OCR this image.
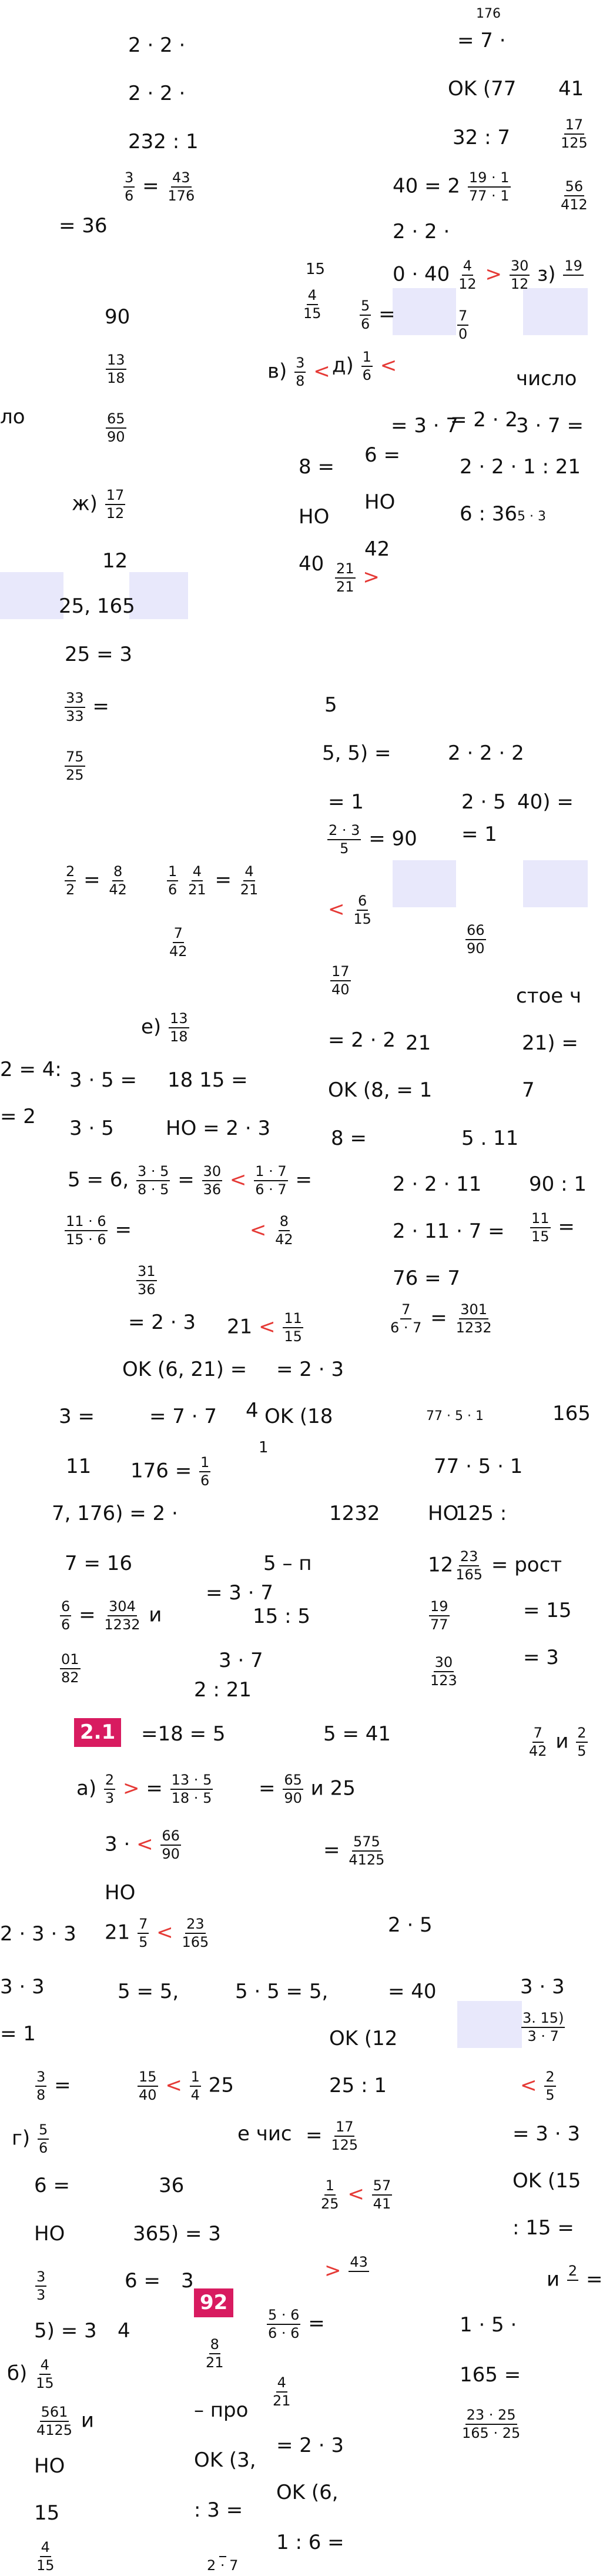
2.1
92
2 · 2 ·
2 · 2 ·
232 : 1
$\frac{3}{6} = \frac{43}{176}$
= 36
90
$\frac{13}{18}$
ло	$\frac{65}{90}$
$ж) \frac{17}{12}$
12
25, 165
25 = 3
$\frac{33}{33}$ =
$\frac{75}{25}$
$\frac{2}{2} = \frac{8}{42}$	$\frac{1}{6}$
$\frac{4}{21} = \frac{4}{21}$
$\frac{7}{42}$
2 = 4:
= 2
$е) \frac{13}{18}$
3 · 5 = 18 15 =
3 · 5	НО = 2 · 3
5 = 6, $\frac{3 \cdot 5}{8 \cdot 5} = \frac{30}{36} < \frac{1 \cdot 7}{6 \cdot 7}$ =
$\frac{11 \cdot 6}{15 \cdot 6}$ =	< $\frac{8}{42}$
$\frac{31}{36}$
= 2 · 3 $21 < \frac{11}{15}$
OK (6, 21) = = 2 · 3
3 =	= 7 · 7 4 OK (18
1
11 $176 = \frac{1}{6}$
7, 176) = 2 ·	1232
7 = 16	5 – п
= 3 · 7
15 : 5
$\frac{6}{6} = \frac{304}{1232}$ и
$\frac{01}{82}$	3 · 7
2 : 21
=18 = 5
$а) \frac{2}{3}$ > = $\frac{13 \cdot 5}{18 \cdot 5} = \frac{65}{90}$ и 25
3 · < $\frac{66}{90}$	= $\frac{575}{4125}$
НО
2 · 3 · 3 $21 \frac{7}{5} < \frac{23}{165}$	2 · 5
3 · 3	5 = 5,	5 · 5 = 5,	= 40
= 1
$\frac{3}{8}$ =	$\frac{15}{40} < \frac{1}{4} 25$
$г) \frac{5}{6}$
6 =	36
НО	365) = 3
$\frac{3}{3}$	6 = 3
5) = 3 4
$б) \frac{4}{15}$
$\frac{561}{4125}$ и
НО
15
$\frac{4}{15}$
$\frac{4}{15}$
$^{15}$
$\frac{5}{6}$ =
$в) \frac{3}{8} < д) \frac{1}{6}$ <
= 3 · 7
8 = 6 =
НО
НО
42
$40 \frac{21}{21}$ >
5
5, 5) =
= 1
$\frac{2 \cdot 3}{5} = 90$
< $\frac{6}{15}$
$\frac{17}{40}$
= 2 · 2 21
OK (8, = 1
8 =
2 · 2 · 11
2 · 11 · 7 =
76 = 7
$\frac{7}{6 \cdot 7} = \frac{301}{1232}$
77 · 5 · 1
77 · 5 · 1
НО
125 :
$12 \frac{23}{165}$ = рост
$\frac{19}{77}$	= 15
$\frac{30}{123}$	= 3
5 = 41	$\frac{7}{42}$ и $\frac{2}{5}$
OK (12
25 : 1
е чис = $\frac{17}{125}$
$\frac{1}{25} < \frac{57}{41}$
> 43

$\frac{5 \cdot 6}{6 \cdot 6}$ =
$\frac{8}{21}$
$\frac{4}{21}$
– про
= 2 · 3
OK (3,
OK (6,
: 3 =
1 : 6 =

2 · 7
176
= 7 ·
OK (77 41
32 : 7	$\frac{17}{125}$
$40 = 2 \frac{19 \cdot 1}{77 \cdot 1}$	$\frac{56}{412}$
2 · 2 ·
$0 \cdot 40 \frac{4}{12} > \frac{30}{12} з$) 19

$\frac{7}{0}$
число
3 · 7 =
= 2 · 2
2 · 2 · 1 : 21
6 : 36 5 · 3
2 · 2 · 2
2 · 5 40) =
= 1
$\frac{66}{90}$
стое ч
21) =
7
5 . 11
90 : 1
$\frac{11}{15}$ =
165
3 · 3
$\frac{3. 15)}{3 \cdot 7}$
< $\frac{2}{5}$
= 3 · 3
OK (15
: 15 =
и 2
=
1 · 5 ·
165 =
$\frac{23 \cdot 25}{165 \cdot 25}$
